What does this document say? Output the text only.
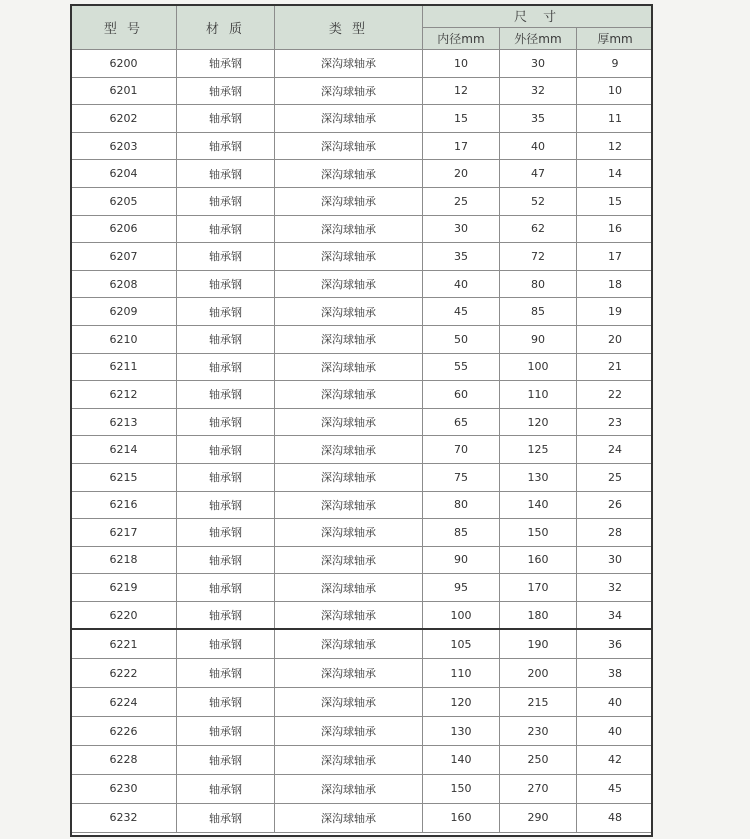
型 号	材 质	类 型	尺 寸		
			内径mm	外径mm	厚mm
6200	轴承钢	深沟球轴承	10	30	9
6201	轴承钢	深沟球轴承	12	32	10
6202	轴承钢	深沟球轴承	15	35	11
6203	轴承钢	深沟球轴承	17	40	12
6204	轴承钢	深沟球轴承	20	47	14
6205	轴承钢	深沟球轴承	25	52	15
6206	轴承钢	深沟球轴承	30	62	16
6207	轴承钢	深沟球轴承	35	72	17
6208	轴承钢	深沟球轴承	40	80	18
6209	轴承钢	深沟球轴承	45	85	19
6210	轴承钢	深沟球轴承	50	90	20
6211	轴承钢	深沟球轴承	55	100	21
6212	轴承钢	深沟球轴承	60	110	22
6213	轴承钢	深沟球轴承	65	120	23
6214	轴承钢	深沟球轴承	70	125	24
6215	轴承钢	深沟球轴承	75	130	25
6216	轴承钢	深沟球轴承	80	140	26
6217	轴承钢	深沟球轴承	85	150	28
6218	轴承钢	深沟球轴承	90	160	30
6219	轴承钢	深沟球轴承	95	170	32
6220	轴承钢	深沟球轴承	100	180	34
6221	轴承钢	深沟球轴承	105	190	36
6222	轴承钢	深沟球轴承	110	200	38
6224	轴承钢	深沟球轴承	120	215	40
6226	轴承钢	深沟球轴承	130	230	40
6228	轴承钢	深沟球轴承	140	250	42
6230	轴承钢	深沟球轴承	150	270	45
6232	轴承钢	深沟球轴承	160	290	48
